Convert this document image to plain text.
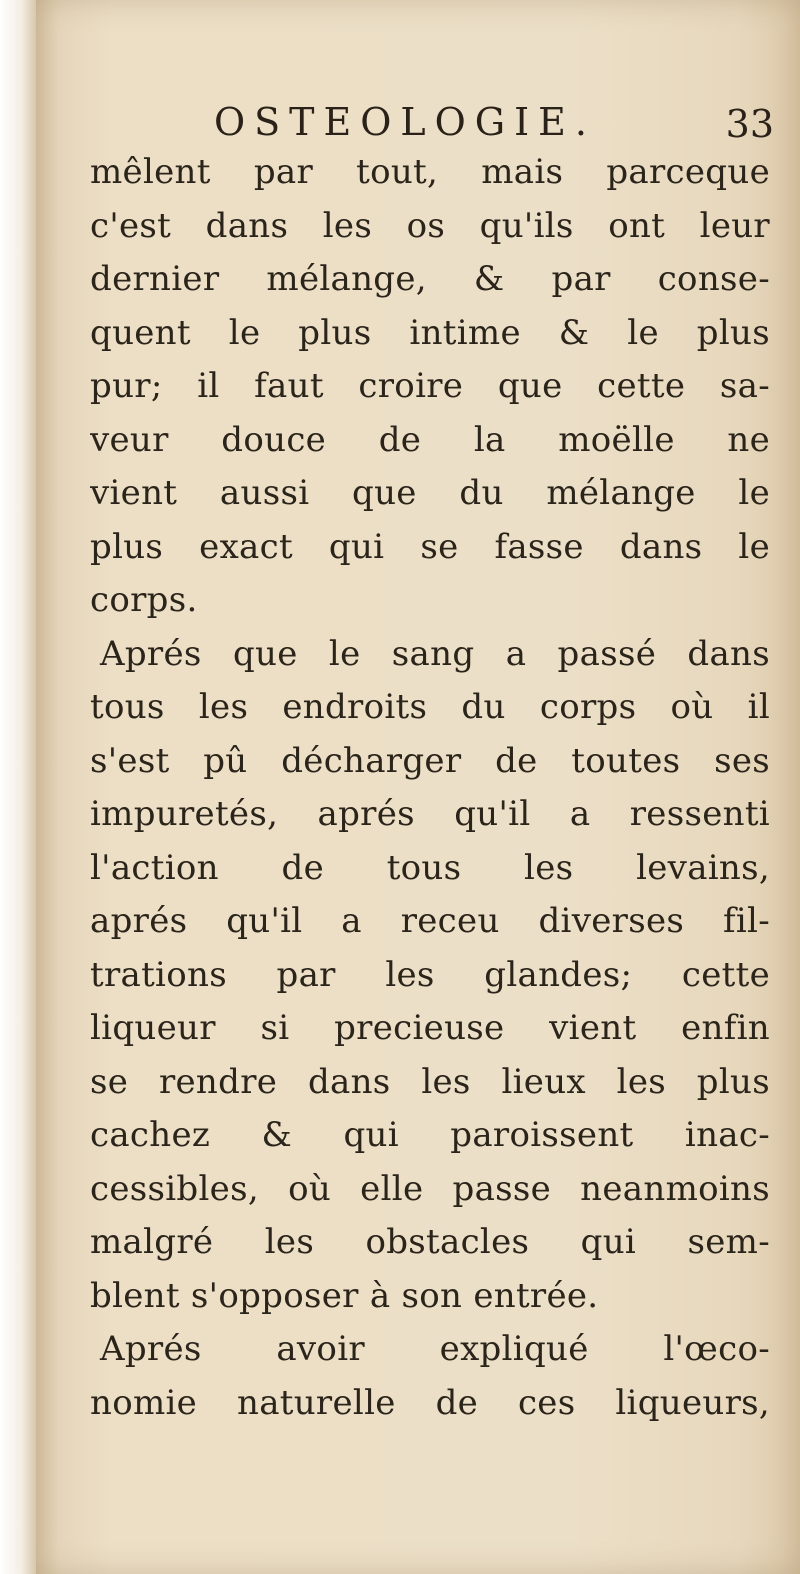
OSTEOLOGIE.	33
mêlent par tout, mais parceque
c'est dans les os qu'ils ont leur
dernier mélange, & par conse-
quent le plus intime & le plus
pur; il faut croire que cette sa-
veur douce de la moëlle ne
vient aussi que du mélange le
plus exact qui se fasse dans le
corps.
Aprés que le sang a passé dans
tous les endroits du corps où il
s'est pû décharger de toutes ses
impuretés, aprés qu'il a ressenti
l'action de tous les levains,
aprés qu'il a receu diverses fil-
trations par les glandes; cette
liqueur si precieuse vient enfin
se rendre dans les lieux les plus
cachez & qui paroissent inac-
cessibles, où elle passe neanmoins
malgré les obstacles qui sem-
blent s'opposer à son entrée.
Aprés avoir expliqué l'œco-
nomie naturelle de ces liqueurs,
